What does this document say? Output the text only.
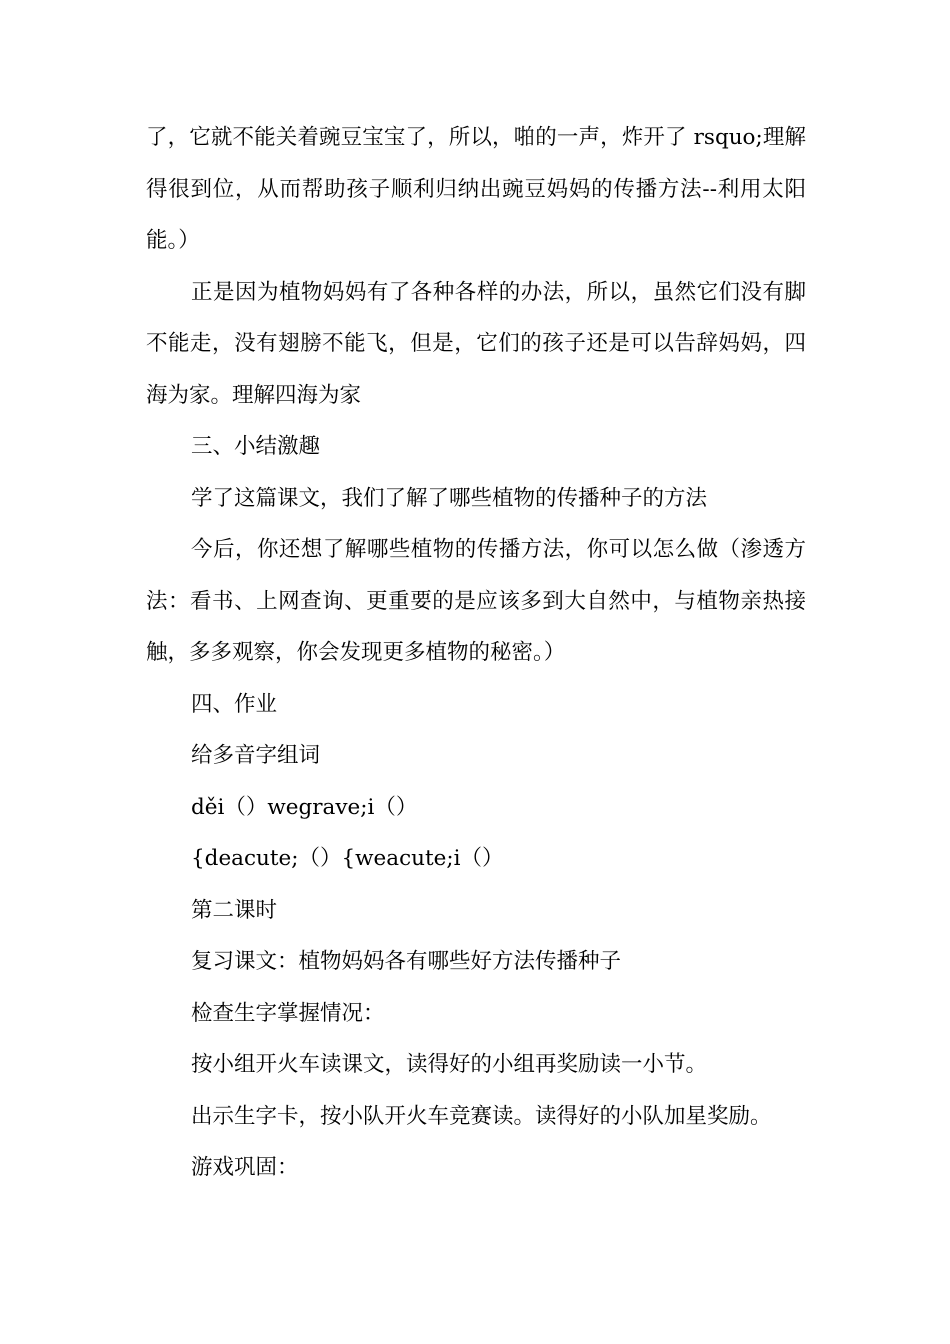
了，它就不能关着豌豆宝宝了，所以，啪的一声，炸开了 rsquo;理解得很到位，从而帮助孩子顺利归纳出豌豆妈妈的传播方法--利用太阳能。）

正是因为植物妈妈有了各种各样的办法，所以，虽然它们没有脚不能走，没有翅膀不能飞，但是，它们的孩子还是可以告辞妈妈，四海为家。理解四海为家

三、小结激趣

学了这篇课文，我们了解了哪些植物的传播种子的方法

今后，你还想了解哪些植物的传播方法，你可以怎么做（渗透方法：看书、上网查询、更重要的是应该多到大自然中，与植物亲热接触，多多观察，你会发现更多植物的秘密。）

四、作业

给多音字组词

děi（）wegrave;i（）

{deacute;（）{weacute;i（）

第二课时

复习课文：植物妈妈各有哪些好方法传播种子

检查生字掌握情况：

按小组开火车读课文，读得好的小组再奖励读一小节。

出示生字卡，按小队开火车竞赛读。读得好的小队加星奖励。

游戏巩固：
